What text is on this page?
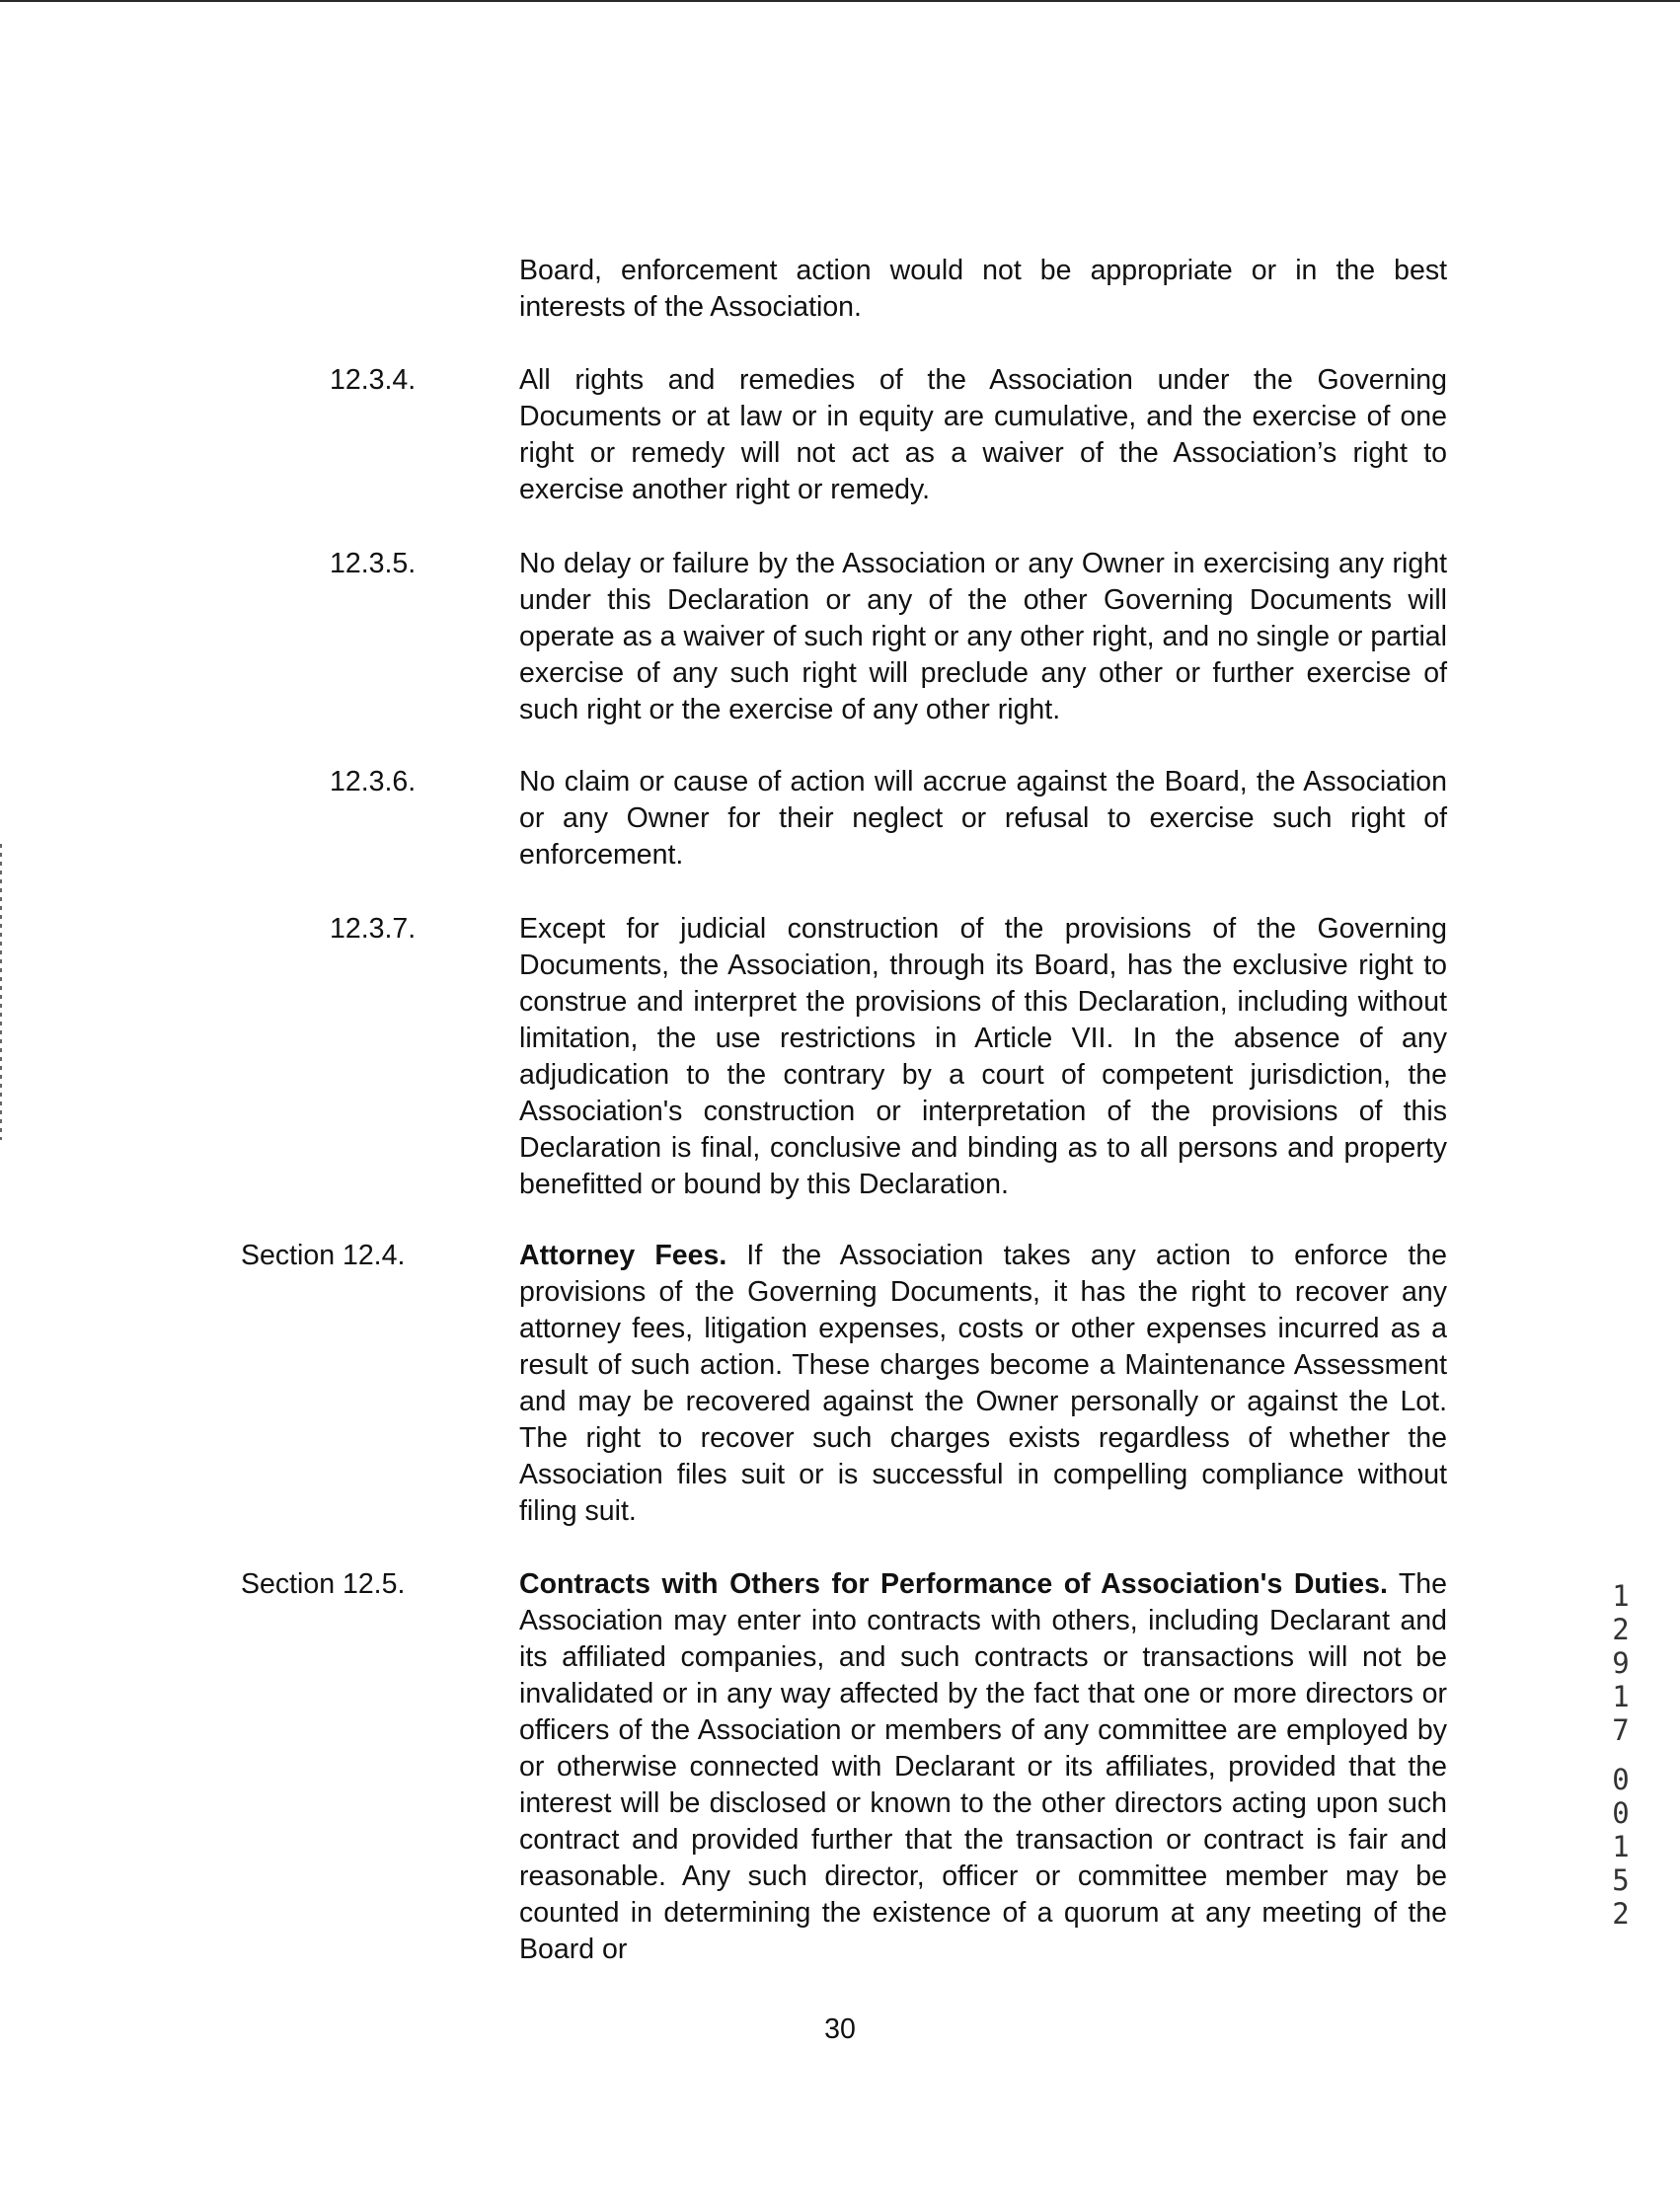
Board, enforcement action would not be appropriate or in the best interests of the Association.
12.3.4.	All rights and remedies of the Association under the Governing Documents or at law or in equity are cumulative, and the exercise of one right or remedy will not act as a waiver of the Association’s right to exercise another right or remedy.
12.3.5.	No delay or failure by the Association or any Owner in exercising any right under this Declaration or any of the other Governing Documents will operate as a waiver of such right or any other right, and no single or partial exercise of any such right will preclude any other or further exercise of such right or the exercise of any other right.
12.3.6.	No claim or cause of action will accrue against the Board, the Association or any Owner for their neglect or refusal to exercise such right of enforcement.
12.3.7.	Except for judicial construction of the provisions of the Governing Documents, the Association, through its Board, has the exclusive right to construe and interpret the provisions of this Declaration, including without limitation, the use restrictions in Article VII. In the absence of any adjudication to the contrary by a court of competent jurisdiction, the Association's construction or interpretation of the provisions of this Declaration is final, conclusive and binding as to all persons and property benefitted or bound by this Declaration.
Section 12.4.	Attorney Fees. If the Association takes any action to enforce the provisions of the Governing Documents, it has the right to recover any attorney fees, litigation expenses, costs or other expenses incurred as a result of such action. These charges become a Maintenance Assessment and may be recovered against the Owner personally or against the Lot. The right to recover such charges exists regardless of whether the Association files suit or is successful in compelling compliance without filing suit.
Section 12.5.	Contracts with Others for Performance of Association's Duties. The Association may enter into contracts with others, including Declarant and its affiliated companies, and such contracts or transactions will not be invalidated or in any way affected by the fact that one or more directors or officers of the Association or members of any committee are employed by or otherwise connected with Declarant or its affiliates, provided that the interest will be disclosed or known to the other directors acting upon such contract and provided further that the transaction or contract is fair and reasonable. Any such director, officer or committee member may be counted in determining the existence of a quorum at any meeting of the Board or
30
1
2
9
1
7
0
0
1
5
2
